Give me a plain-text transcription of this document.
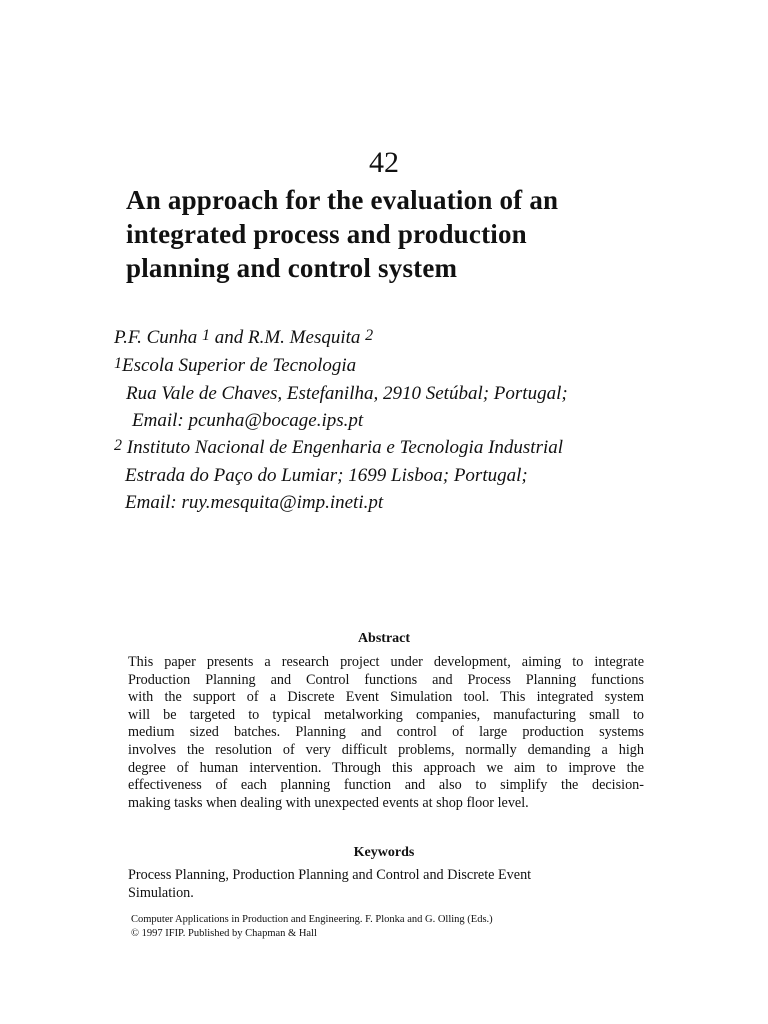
42
An approach for the evaluation of an
integrated process and production
planning and control system
P.F. Cunha $^1$ and R.M. Mesquita $^2$
$^1$Escola Superior de Tecnologia
Rua Vale de Chaves, Estefanilha, 2910 Setúbal; Portugal;
Email: pcunha@bocage.ips.pt
$^2$ Instituto Nacional de Engenharia e Tecnologia Industrial
Estrada do Paço do Lumiar; 1699 Lisboa; Portugal;
Email: ruy.mesquita@imp.ineti.pt
Abstract
This paper presents a research project under development, aiming to integrate
Production Planning and Control functions and Process Planning functions
with the support of a Discrete Event Simulation tool. This integrated system
will be targeted to typical metalworking companies, manufacturing small to
medium sized batches. Planning and control of large production systems
involves the resolution of very difficult problems, normally demanding a high
degree of human intervention. Through this approach we aim to improve the
effectiveness of each planning function and also to simplify the decision-
making tasks when dealing with unexpected events at shop floor level.
Keywords
Process Planning, Production Planning and Control and Discrete Event
Simulation.
Computer Applications in Production and Engineering. F. Plonka and G. Olling (Eds.)
© 1997 IFIP. Published by Chapman & Hall
